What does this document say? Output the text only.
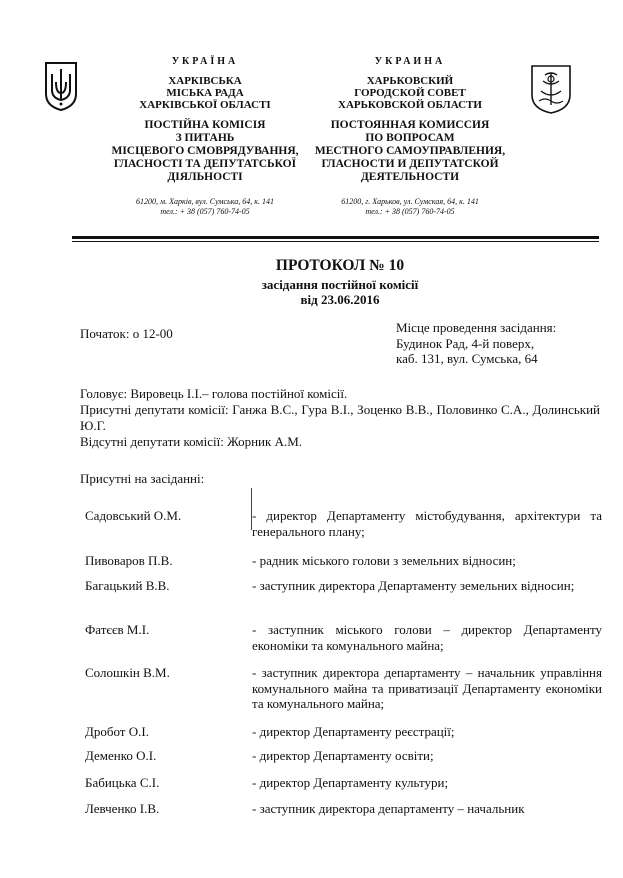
УКРАЇНА
ХАРКІВСЬКА
МІСЬКА РАДА
ХАРКІВСЬКОЇ ОБЛАСТІ
ПОСТІЙНА КОМІСІЯ
З ПИТАНЬ
МІСЦЕВОГО СМОВРЯДУВАННЯ,
ГЛАСНОСТІ ТА ДЕПУТАТСЬКОЇ
ДІЯЛЬНОСТІ
61200, м. Харків, вул. Сумська, 64, к. 141
тел.: + 38 (057) 760-74-05
УКРАИНА
ХАРЬКОВСКИЙ
ГОРОДСКОЙ СОВЕТ
ХАРЬКОВСКОЙ ОБЛАСТИ
ПОСТОЯННАЯ КОМИССИЯ
ПО ВОПРОСАМ
МЕСТНОГО САМОУПРАВЛЕНИЯ,
ГЛАСНОСТИ И ДЕПУТАТСКОЙ
ДЕЯТЕЛЬНОСТИ
61200, г. Харьков, ул. Сумская, 64, к. 141
тел.: + 38 (057) 760-74-05
ПРОТОКОЛ № 10
засідання постійної комісії
від 23.06.2016
Початок: о 12-00	Місце проведення засідання:
Будинок Рад, 4-й поверх,
каб. 131, вул. Сумська, 64
Головує: Вировець І.І.– голова постійної комісії.
Присутні депутати комісії: Ганжа В.С., Гура В.І., Зоценко В.В., Половинко С.А., Долинський Ю.Г.
Відсутні депутати комісії: Жорник А.М.
Присутні на засіданні:
Садовський О.М.	- директор Департаменту містобудування, архітектури та генерального плану;
Пивоваров П.В.	- радник міського голови з земельних відносин;
Багацький В.В.	- заступник директора Департаменту земельних відносин;
Фатєєв М.І.	- заступник міського голови – директор Департаменту економіки та комунального майна;
Солошкін В.М.	- заступник директора департаменту – начальник управління комунального майна та приватизації Департаменту економіки та комунального майна;
Дробот О.І.	- директор Департаменту реєстрації;
Деменко О.І.	- директор Департаменту освіти;
Бабицька С.І.	- директор Департаменту культури;
Левченко І.В.	- заступник директора департаменту – начальник
